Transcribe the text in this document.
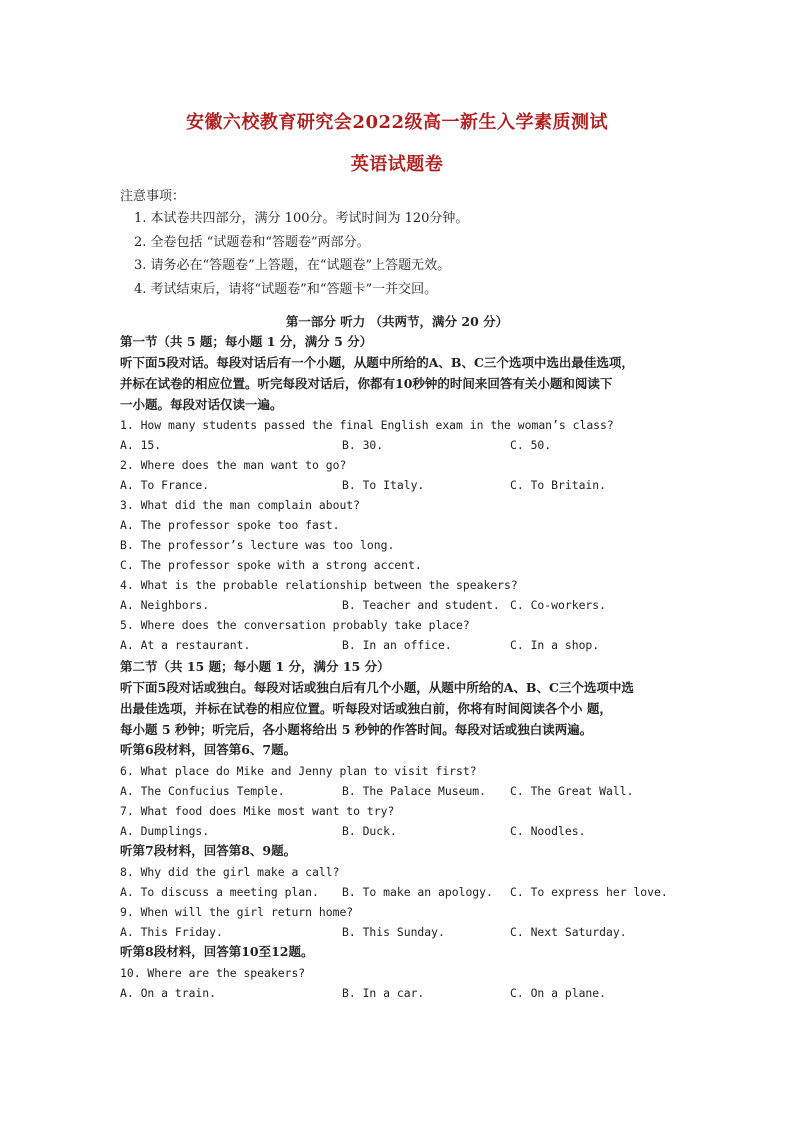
安徽六校教育研究会2022级高一新生入学素质测试
英语试题卷
注意事项：
1. 本试卷共四部分，满分 100分。考试时间为 120分钟。
2. 全卷包括 “试题卷和“答题卷”两部分。
3. 请务必在“答题卷”上答题，在“试题卷”上答题无效。
4. 考试结束后，请将“试题卷”和“答题卡”一并交回。
第一部分 听力 （共两节，满分 20 分）
第一节（共 5 题；每小题 1 分，满分 5 分）
听下面5段对话。每段对话后有一个小题，从题中所给的A、B、C三个选项中选出最佳选项，
并标在试卷的相应位置。听完每段对话后，你都有10秒钟的时间来回答有关小题和阅读下
一小题。每段对话仅读一遍。
1. How many students passed the final English exam in the woman’s class?

A. 15.

	B. 30.

	C. 50.

2. Where does the man want to go?

A. To France.

	B. To Italy.

	C. To Britain.

3. What did the man complain about?
A. The professor spoke too fast.
B. The professor’s lecture was too long.
C. The professor spoke with a strong accent.
4. What is the probable relationship between the speakers?

A. Neighbors.

	B. Teacher and student.

C. Co-workers.

5. Where does the conversation probably take place?

A. At a restaurant.

	B. In an office.

	C. In a shop.

第二节（共 15 题；每小题 1 分，满分 15 分）
听下面5段对话或独白。每段对话或独白后有几个小题，从题中所给的A、B、C三个选项中选
出最佳选项，并标在试卷的相应位置。听每段对话或独白前，你将有时间阅读各个小 题，
每小题 5 秒钟；听完后，各小题将给出 5 秒钟的作答时间。每段对话或独白读两遍。
听第6段材料，回答第6、7题。
6. What place do Mike and Jenny plan to visit first?

A. The Confucius Temple.

	B. The Palace Museum.

C. The Great Wall.

7. What food does Mike most want to try?

A. Dumplings.

	B. Duck.

	C. Noodles.

听第7段材料，回答第8、9题。
8. Why did the girl make a call?

A. To discuss a meeting plan.

B. To make an apology.

C. To express her love.

9. When will the girl return home?

A. This Friday.

	B. This Sunday.

	C. Next Saturday.

听第8段材料，回答第10至12题。
10. Where are the speakers?

A. On a train.

	B. In a car.

	C. On a plane.
